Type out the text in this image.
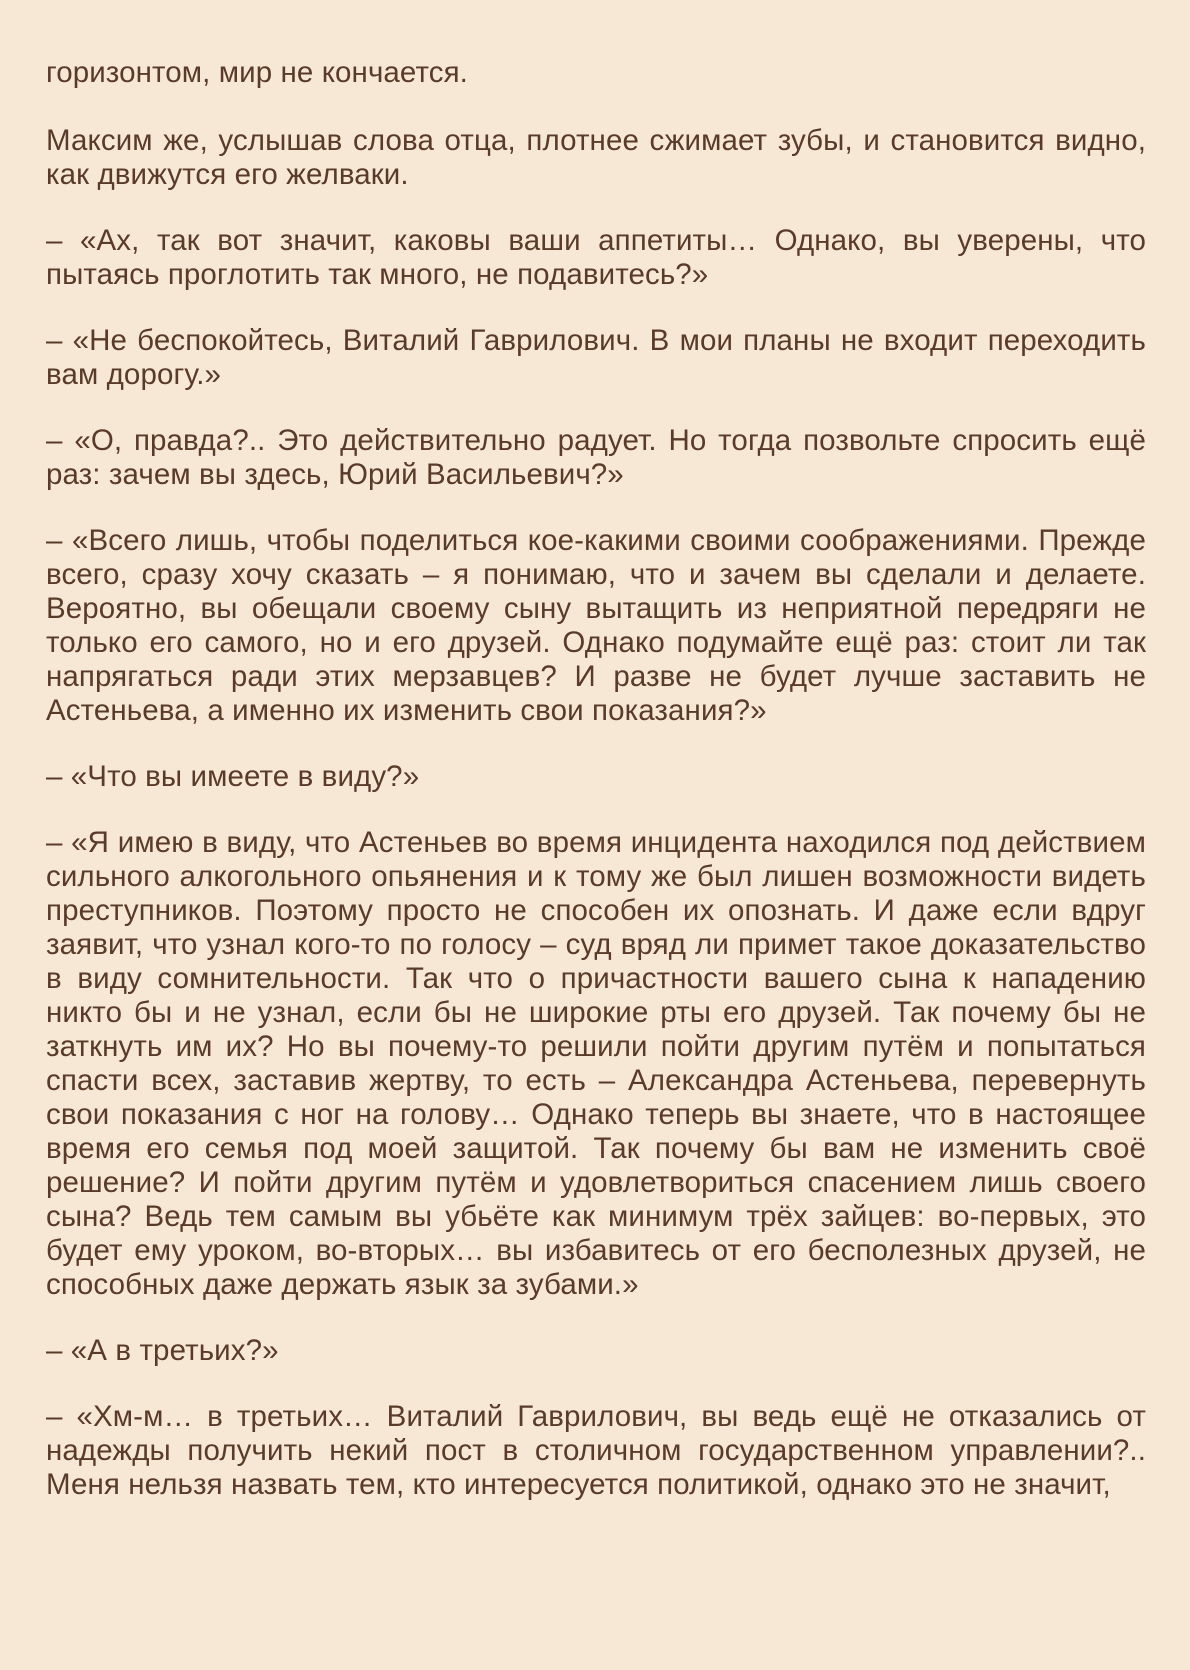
горизонтом, мир не кончается.

Максим же, услышав слова отца, плотнее сжимает зубы, и становится видно, как движутся его желваки.

– «Ах, так вот значит, каковы ваши аппетиты… Однако, вы уверены, что пытаясь проглотить так много, не подавитесь?»

– «Не беспокойтесь, Виталий Гаврилович. В мои планы не входит переходить вам дорогу.»

– «О, правда?.. Это действительно радует. Но тогда позвольте спросить ещё раз: зачем вы здесь, Юрий Васильевич?»

– «Всего лишь, чтобы поделиться кое-какими своими соображениями. Прежде всего, сразу хочу сказать – я понимаю, что и зачем вы сделали и делаете. Вероятно, вы обещали своему сыну вытащить из неприятной передряги не только его самого, но и его друзей. Однако подумайте ещё раз: стоит ли так напрягаться ради этих мерзавцев? И разве не будет лучше заставить не Астеньева, а именно их изменить свои показания?»

– «Что вы имеете в виду?»

– «Я имею в виду, что Астеньев во время инцидента находился под действием сильного алкогольного опьянения и к тому же был лишен возможности видеть преступников. Поэтому просто не способен их опознать. И даже если вдруг заявит, что узнал кого-то по голосу – суд вряд ли примет такое доказательство в виду сомнительности. Так что о причастности вашего сына к нападению никто бы и не узнал, если бы не широкие рты его друзей. Так почему бы не заткнуть им их? Но вы почему-то решили пойти другим путём и попытаться спасти всех, заставив жертву, то есть – Александра Астеньева, перевернуть свои показания с ног на голову… Однако теперь вы знаете, что в настоящее время его семья под моей защитой. Так почему бы вам не изменить своё решение? И пойти другим путём и удовлетвориться спасением лишь своего сына? Ведь тем самым вы убьёте как минимум трёх зайцев: во-первых, это будет ему уроком, во-вторых… вы избавитесь от его бесполезных друзей, не способных даже держать язык за зубами.»

– «А в третьих?»

– «Хм-м… в третьих… Виталий Гаврилович, вы ведь ещё не отказались от надежды получить некий пост в столичном государственном управлении?.. Меня нельзя назвать тем, кто интересуется политикой, однако это не значит,
